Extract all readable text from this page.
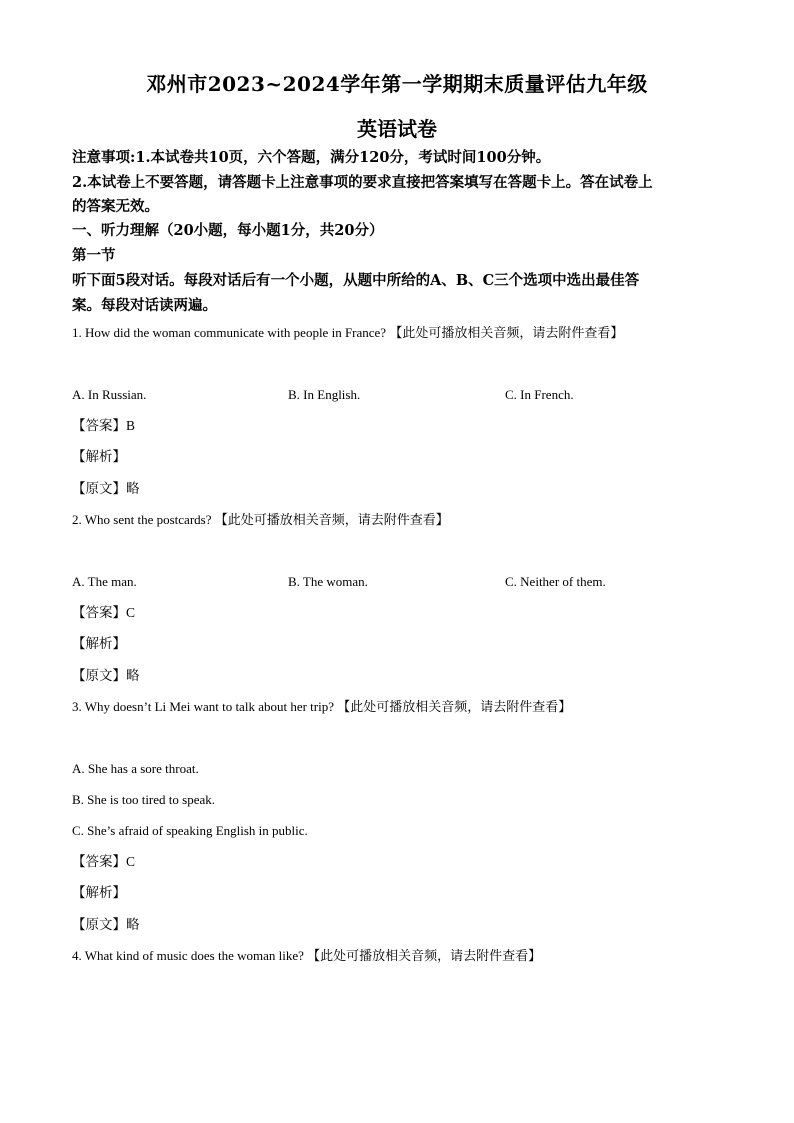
邓州市2023~2024学年第一学期期末质量评估九年级
英语试卷
注意事项:1.本试卷共10页，六个答题，满分120分，考试时间100分钟。
2.本试卷上不要答题，请答题卡上注意事项的要求直接把答案填写在答题卡上。答在试卷上
的答案无效。
一、听力理解（20小题，每小题1分，共20分）
第一节
听下面5段对话。每段对话后有一个小题，从题中所给的A、B、C三个选项中选出最佳答
案。每段对话读两遍。
1. How did the woman communicate with people in France? 【此处可播放相关音频，请去附件查看】
A. In Russian.	B. In English.	C. In French.
【答案】B
【解析】
【原文】略
2. Who sent the postcards? 【此处可播放相关音频，请去附件查看】
A. The man.	B. The woman.	C. Neither of them.
【答案】C
【解析】
【原文】略
3. Why doesn’t Li Mei want to talk about her trip? 【此处可播放相关音频，请去附件查看】
A. She has a sore throat.
B. She is too tired to speak.
C. She’s afraid of speaking English in public.
【答案】C
【解析】
【原文】略
4. What kind of music does the woman like? 【此处可播放相关音频，请去附件查看】
